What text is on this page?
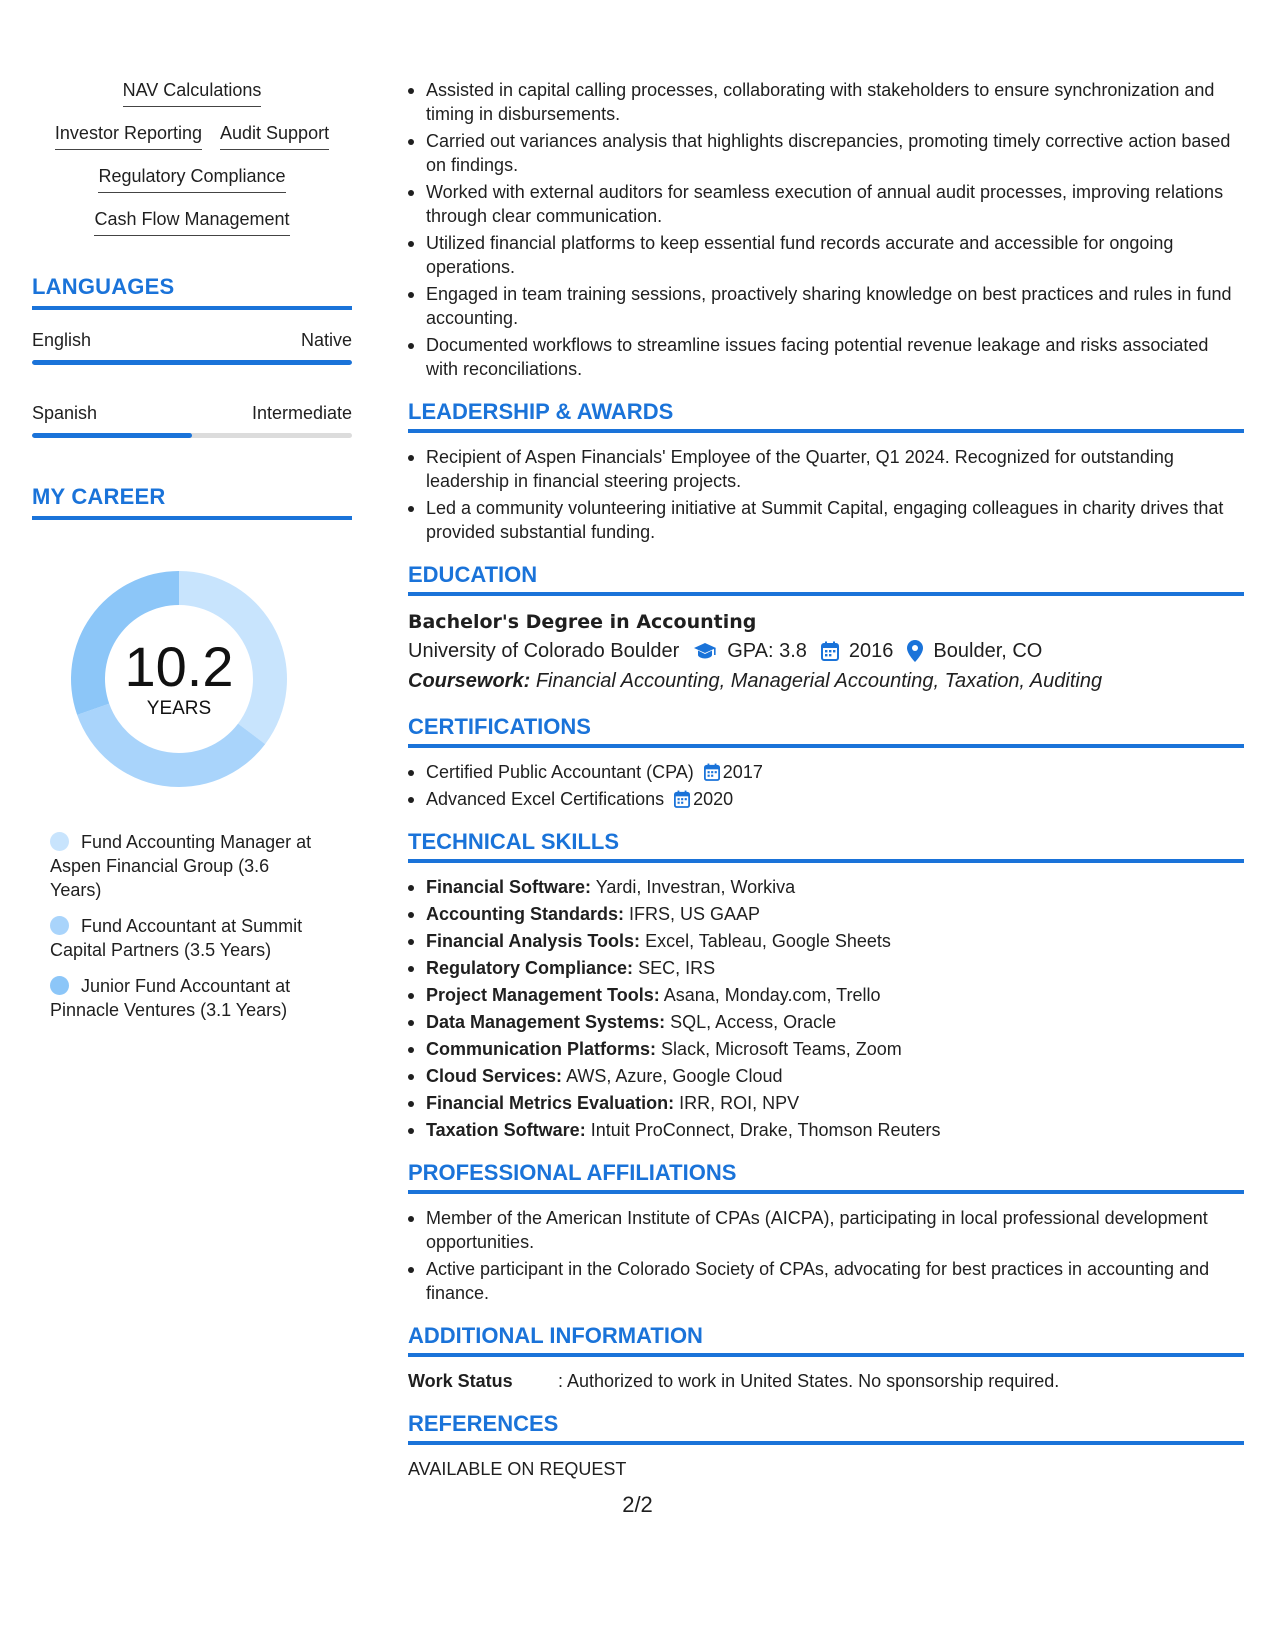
NAV Calculations
Investor Reporting Audit Support
Regulatory Compliance
Cash Flow Management
LANGUAGES
English	Native
Spanish	Intermediate
MY CAREER
10.2
YEARS
Fund Accounting Manager at Aspen Financial Group (3.6 Years)
Fund Accountant at Summit Capital Partners (3.5 Years)
Junior Fund Accountant at Pinnacle Ventures (3.1 Years)
Assisted in capital calling processes, collaborating with stakeholders to ensure synchronization and timing in disbursements.
Carried out variances analysis that highlights discrepancies, promoting timely corrective action based on findings.
Worked with external auditors for seamless execution of annual audit processes, improving relations through clear communication.
Utilized financial platforms to keep essential fund records accurate and accessible for ongoing operations.
Engaged in team training sessions, proactively sharing knowledge on best practices and rules in fund accounting.
Documented workflows to streamline issues facing potential revenue leakage and risks associated with reconciliations.
LEADERSHIP & AWARDS
Recipient of Aspen Financials' Employee of the Quarter, Q1 2024. Recognized for outstanding leadership in financial steering projects.
Led a community volunteering initiative at Summit Capital, engaging colleagues in charity drives that provided substantial funding.
EDUCATION
Bachelor's Degree in Accounting
University of Colorado Boulder GPA: 3.8 2016 Boulder, CO
Coursework: Financial Accounting, Managerial Accounting, Taxation, Auditing
CERTIFICATIONS
Certified Public Accountant (CPA) 2017
Advanced Excel Certifications 2020
TECHNICAL SKILLS
Financial Software: Yardi, Investran, Workiva
Accounting Standards: IFRS, US GAAP
Financial Analysis Tools: Excel, Tableau, Google Sheets
Regulatory Compliance: SEC, IRS
Project Management Tools: Asana, Monday.com, Trello
Data Management Systems: SQL, Access, Oracle
Communication Platforms: Slack, Microsoft Teams, Zoom
Cloud Services: AWS, Azure, Google Cloud
Financial Metrics Evaluation: IRR, ROI, NPV
Taxation Software: Intuit ProConnect, Drake, Thomson Reuters
PROFESSIONAL AFFILIATIONS
Member of the American Institute of CPAs (AICPA), participating in local professional development opportunities.
Active participant in the Colorado Society of CPAs, advocating for best practices in accounting and finance.
ADDITIONAL INFORMATION
Work Status	: Authorized to work in United States. No sponsorship required.
REFERENCES
AVAILABLE ON REQUEST
2/2
